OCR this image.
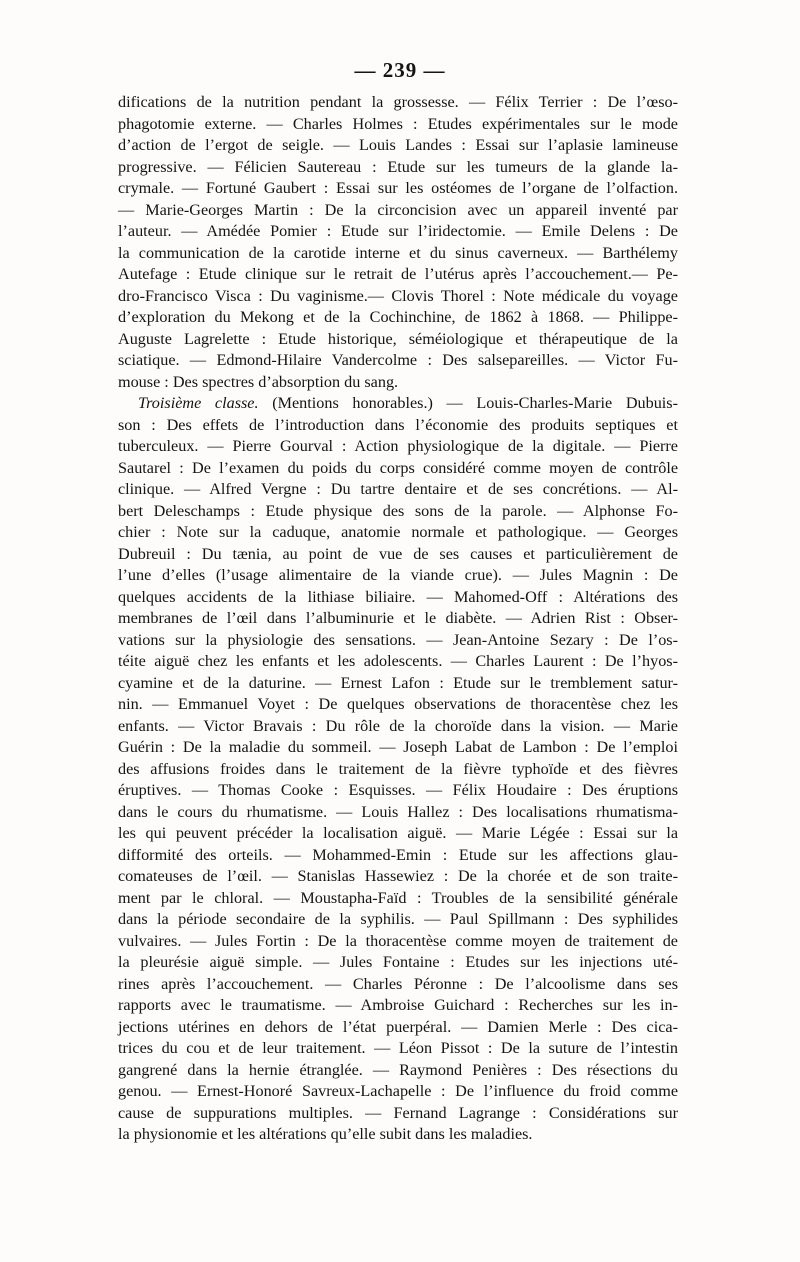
— 239 —
difications de la nutrition pendant la grossesse. — Félix Terrier : De l’œso-
phagotomie externe. — Charles Holmes : Etudes expérimentales sur le mode
d’action de l’ergot de seigle. — Louis Landes : Essai sur l’aplasie lamineuse
progressive. — Félicien Sautereau : Etude sur les tumeurs de la glande la-
crymale. — Fortuné Gaubert : Essai sur les ostéomes de l’organe de l’olfaction.
— Marie-Georges Martin : De la circoncision avec un appareil inventé par
l’auteur. — Amédée Pomier : Etude sur l’iridectomie. — Emile Delens : De
la communication de la carotide interne et du sinus caverneux. — Barthélemy
Autefage : Etude clinique sur le retrait de l’utérus après l’accouchement.— Pe-
dro-Francisco Visca : Du vaginisme.— Clovis Thorel : Note médicale du voyage
d’exploration du Mekong et de la Cochinchine, de 1862 à 1868. — Philippe-
Auguste Lagrelette : Etude historique, séméiologique et thérapeutique de la
sciatique. — Edmond-Hilaire Vandercolme : Des salsepareilles. — Victor Fu-
mouse : Des spectres d’absorption du sang.
Troisième classe. (Mentions honorables.) — Louis-Charles-Marie Dubuis-
son : Des effets de l’introduction dans l’économie des produits septiques et
tuberculeux. — Pierre Gourval : Action physiologique de la digitale. — Pierre
Sautarel : De l’examen du poids du corps considéré comme moyen de contrôle
clinique. — Alfred Vergne : Du tartre dentaire et de ses concrétions. — Al-
bert Deleschamps : Etude physique des sons de la parole. — Alphonse Fo-
chier : Note sur la caduque, anatomie normale et pathologique. — Georges
Dubreuil : Du tænia, au point de vue de ses causes et particulièrement de
l’une d’elles (l’usage alimentaire de la viande crue). — Jules Magnin : De
quelques accidents de la lithiase biliaire. — Mahomed-Off : Altérations des
membranes de l’œil dans l’albuminurie et le diabète. — Adrien Rist : Obser-
vations sur la physiologie des sensations. — Jean-Antoine Sezary : De l’os-
téite aiguë chez les enfants et les adolescents. — Charles Laurent : De l’hyos-
cyamine et de la daturine. — Ernest Lafon : Etude sur le tremblement satur-
nin. — Emmanuel Voyet : De quelques observations de thoracentèse chez les
enfants. — Victor Bravais : Du rôle de la choroïde dans la vision. — Marie
Guérin : De la maladie du sommeil. — Joseph Labat de Lambon : De l’emploi
des affusions froides dans le traitement de la fièvre typhoïde et des fièvres
éruptives. — Thomas Cooke : Esquisses. — Félix Houdaire : Des éruptions
dans le cours du rhumatisme. — Louis Hallez : Des localisations rhumatisma-
les qui peuvent précéder la localisation aiguë. — Marie Légée : Essai sur la
difformité des orteils. — Mohammed-Emin : Etude sur les affections glau-
comateuses de l’œil. — Stanislas Hassewiez : De la chorée et de son traite-
ment par le chloral. — Moustapha-Faïd : Troubles de la sensibilité générale
dans la période secondaire de la syphilis. — Paul Spillmann : Des syphilides
vulvaires. — Jules Fortin : De la thoracentèse comme moyen de traitement de
la pleurésie aiguë simple. — Jules Fontaine : Etudes sur les injections uté-
rines après l’accouchement. — Charles Péronne : De l’alcoolisme dans ses
rapports avec le traumatisme. — Ambroise Guichard : Recherches sur les in-
jections utérines en dehors de l’état puerpéral. — Damien Merle : Des cica-
trices du cou et de leur traitement. — Léon Pissot : De la suture de l’intestin
gangrené dans la hernie étranglée. — Raymond Penières : Des résections du
genou. — Ernest-Honoré Savreux-Lachapelle : De l’influence du froid comme
cause de suppurations multiples. — Fernand Lagrange : Considérations sur
la physionomie et les altérations qu’elle subit dans les maladies.
